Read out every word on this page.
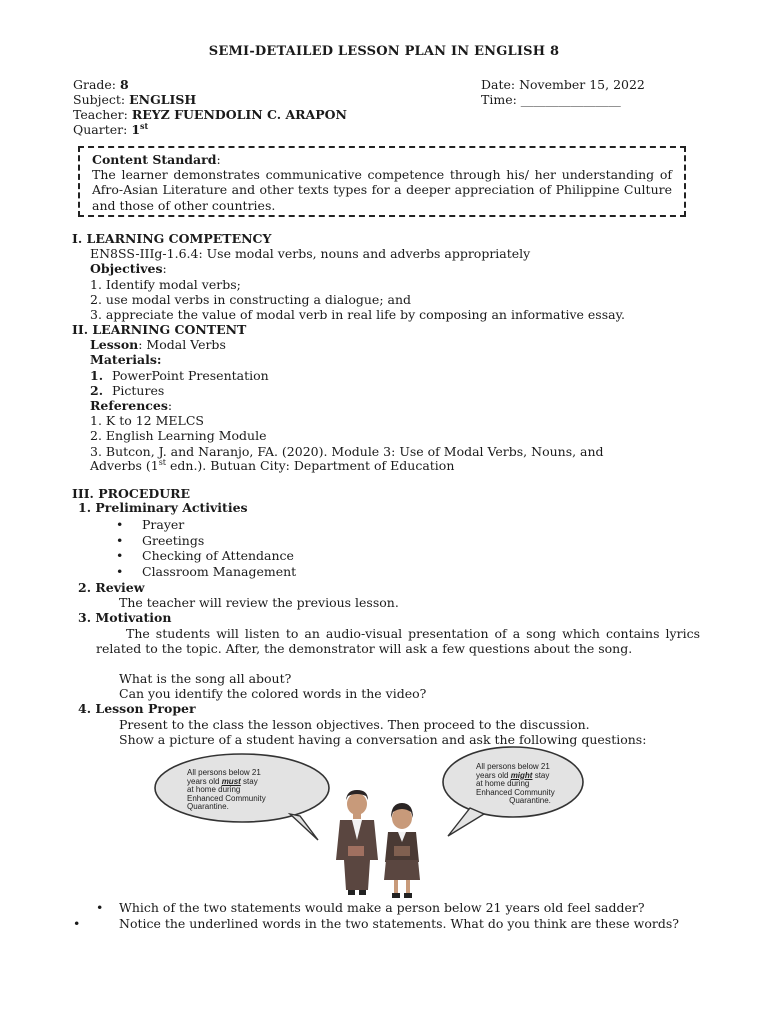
SEMI-DETAILED LESSON PLAN IN ENGLISH 8
Grade: 8
Subject: ENGLISH
Teacher: REYZ FUENDOLIN C. ARAPON
Quarter: 1st
Date: November 15, 2022
Time: ________________
Content Standard:
The learner demonstrates communicative competence through his/ her understanding of Afro-Asian Literature and other texts types for a deeper appreciation of Philippine Culture and those of other countries.
I. LEARNING COMPETENCY
EN8SS-IIIg-1.6.4: Use modal verbs, nouns and adverbs appropriately
Objectives:
1. Identify modal verbs;
2. use modal verbs in constructing a dialogue; and
3. appreciate the value of modal verb in real life by composing an informative essay.
II. LEARNING CONTENT
Lesson: Modal Verbs
Materials:
1. PowerPoint Presentation
2. Pictures
References:
1. K to 12 MELCS
2. English Learning Module
3. Butcon, J. and Naranjo, FA. (2020). Module 3: Use of Modal Verbs, Nouns, and
Adverbs (1st edn.). Butuan City: Department of Education
III. PROCEDURE
1. Preliminary Activities
• Prayer
• Greetings
• Checking of Attendance
• Classroom Management
2. Review
The teacher will review the previous lesson.
3. Motivation
The students will listen to an audio-visual presentation of a song which contains lyrics related to the topic. After, the demonstrator will ask a few questions about the song.
What is the song all about?
Can you identify the colored words in the video?
4. Lesson Proper
Present to the class the lesson objectives. Then proceed to the discussion.
Show a picture of a student having a conversation and ask the following questions:
All persons below 21
years old must stay
at home during
Enhanced Community
Quarantine.
All persons below 21
years old might stay
at home during
Enhanced Community
Quarantine.
• Which of the two statements would make a person below 21 years old feel sadder?
•	Notice the underlined words in the two statements. What do you think are these words?
